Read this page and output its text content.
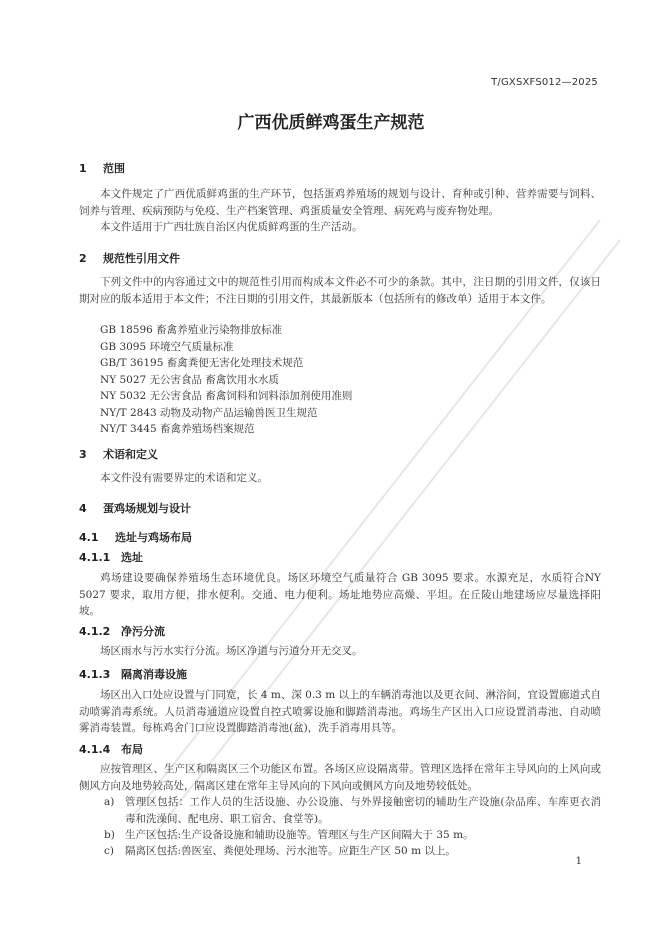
T/GXSXFS012—2025
广西优质鲜鸡蛋生产规范
1 范围
本文件规定了广西优质鲜鸡蛋的生产环节，包括蛋鸡养殖场的规划与设计、育种或引种、营养需要与饲料、饲养与管理、疾病预防与免疫、生产档案管理、鸡蛋质量安全管理、病死鸡与废弃物处理。
本文件适用于广西壮族自治区内优质鲜鸡蛋的生产活动。
2 规范性引用文件
下列文件中的内容通过文中的规范性引用而构成本文件必不可少的条款。其中，注日期的引用文件，仅该日期对应的版本适用于本文件；不注日期的引用文件，其最新版本（包括所有的修改单）适用于本文件。
GB 18596 畜禽养殖业污染物排放标准
GB 3095 环境空气质量标准
GB/T 36195 畜禽粪便无害化处理技术规范
NY 5027 无公害食品 畜禽饮用水水质
NY 5032 无公害食品 畜禽饲料和饲料添加剂使用准则
NY/T 2843 动物及动物产品运输兽医卫生规范
NY/T 3445 畜禽养殖场档案规范
3 术语和定义
本文件没有需要界定的术语和定义。
4 蛋鸡场规划与设计
4.1 选址与鸡场布局
4.1.1 选址
鸡场建设要确保养殖场生态环境优良。场区环境空气质量符合 GB 3095 要求。水源充足，水质符合NY 5027 要求，取用方便，排水便利。交通、电力便利。场址地势应高燥、平坦。在丘陵山地建场应尽量选择阳坡。
4.1.2 净污分流
场区雨水与污水实行分流。场区净道与污道分开无交叉。
4.1.3 隔离消毒设施
场区出入口处应设置与门同宽，长 4 m、深 0.3 m 以上的车辆消毒池以及更衣间、淋浴间，宜设置廊道式自动喷雾消毒系统。人员消毒通道应设置自控式喷雾设施和脚踏消毒池。鸡场生产区出入口应设置消毒池、自动喷雾消毒装置。每栋鸡舍门口应设置脚踏消毒池(盆)，洗手消毒用具等。
4.1.4 布局
应按管理区、生产区和隔离区三个功能区布置。各场区应设隔离带。管理区选择在常年主导风向的上风向或侧风方向及地势较高处，隔离区建在常年主导风向的下风向或侧风方向及地势较低处。
a)	管理区包括：工作人员的生活设施、办公设施、与外界接触密切的辅助生产设施(杂品库、车库更衣消毒和洗澡间、配电房、职工宿舍、食堂等)。
b) 生产区包括:生产设备设施和辅助设施等。管理区与生产区间隔大于 35 m。
c)	隔离区包括:兽医室、粪便处理场、污水池等。应距生产区 50 m 以上。
1
